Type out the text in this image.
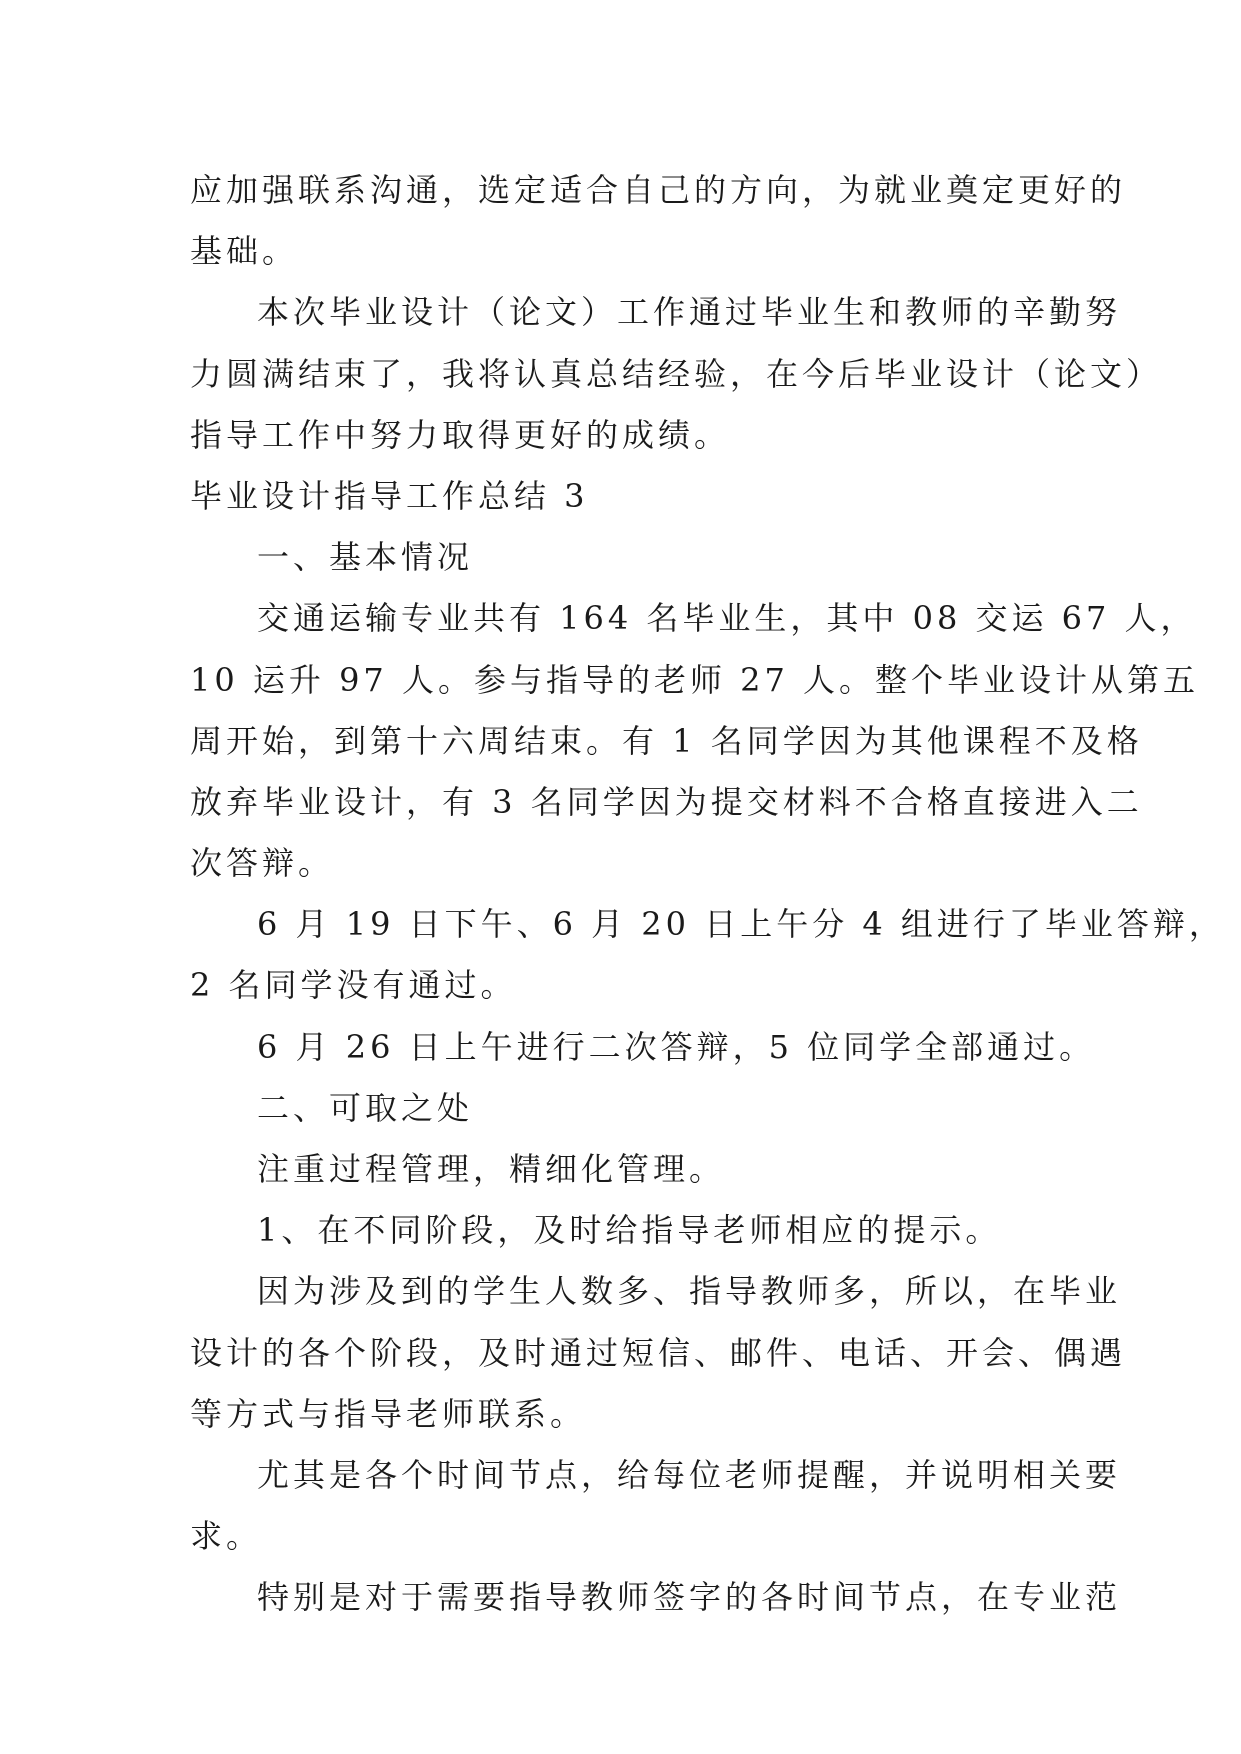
应加强联系沟通，选定适合自己的方向，为就业奠定更好的
基础。
本次毕业设计（论文）工作通过毕业生和教师的辛勤努
力圆满结束了，我将认真总结经验，在今后毕业设计（论文）
指导工作中努力取得更好的成绩。
毕业设计指导工作总结 3
一、基本情况
交通运输专业共有 164 名毕业生，其中 08 交运 67 人，
10 运升 97 人。参与指导的老师 27 人。整个毕业设计从第五
周开始，到第十六周结束。有 1 名同学因为其他课程不及格
放弃毕业设计，有 3 名同学因为提交材料不合格直接进入二
次答辩。
6 月 19 日下午、6 月 20 日上午分 4 组进行了毕业答辩，
2 名同学没有通过。
6 月 26 日上午进行二次答辩，5 位同学全部通过。
二、可取之处
注重过程管理，精细化管理。
1、在不同阶段，及时给指导老师相应的提示。
因为涉及到的学生人数多、指导教师多，所以，在毕业
设计的各个阶段，及时通过短信、邮件、电话、开会、偶遇
等方式与指导老师联系。
尤其是各个时间节点，给每位老师提醒，并说明相关要
求。
特别是对于需要指导教师签字的各时间节点，在专业范
